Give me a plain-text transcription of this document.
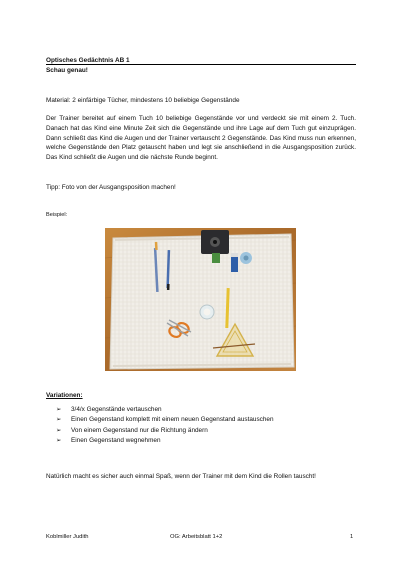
Optisches Gedächtnis AB 1
Schau genau!
Material: 2 einfärbige Tücher, mindestens 10 beliebige Gegenstände
Der Trainer bereitet auf einem Tuch 10 beliebige Gegenstände vor und verdeckt sie mit einem 2. Tuch. Danach hat das Kind eine Minute Zeit sich die Gegenstände und ihre Lage auf dem Tuch gut einzuprägen. Dann schließt das Kind die Augen und der Trainer vertauscht 2 Gegenstände. Das Kind muss nun erkennen, welche Gegenstände den Platz getauscht haben und legt sie anschließend in die Ausgangsposition zurück. Das Kind schließt die Augen und die nächste Runde beginnt.
Tipp: Foto von der Ausgangsposition machen!
Beispiel:
Variationen:
➢ 3/4/x Gegenstände vertauschen
➢ Einen Gegenstand komplett mit einem neuen Gegenstand austauschen
➢ Von einem Gegenstand nur die Richtung ändern
➢ Einen Gegenstand wegnehmen
Natürlich macht es sicher auch einmal Spaß, wenn der Trainer mit dem Kind die Rollen tauscht!
Koblmiller Judith	OG: Arbeitsblatt 1+2	1
